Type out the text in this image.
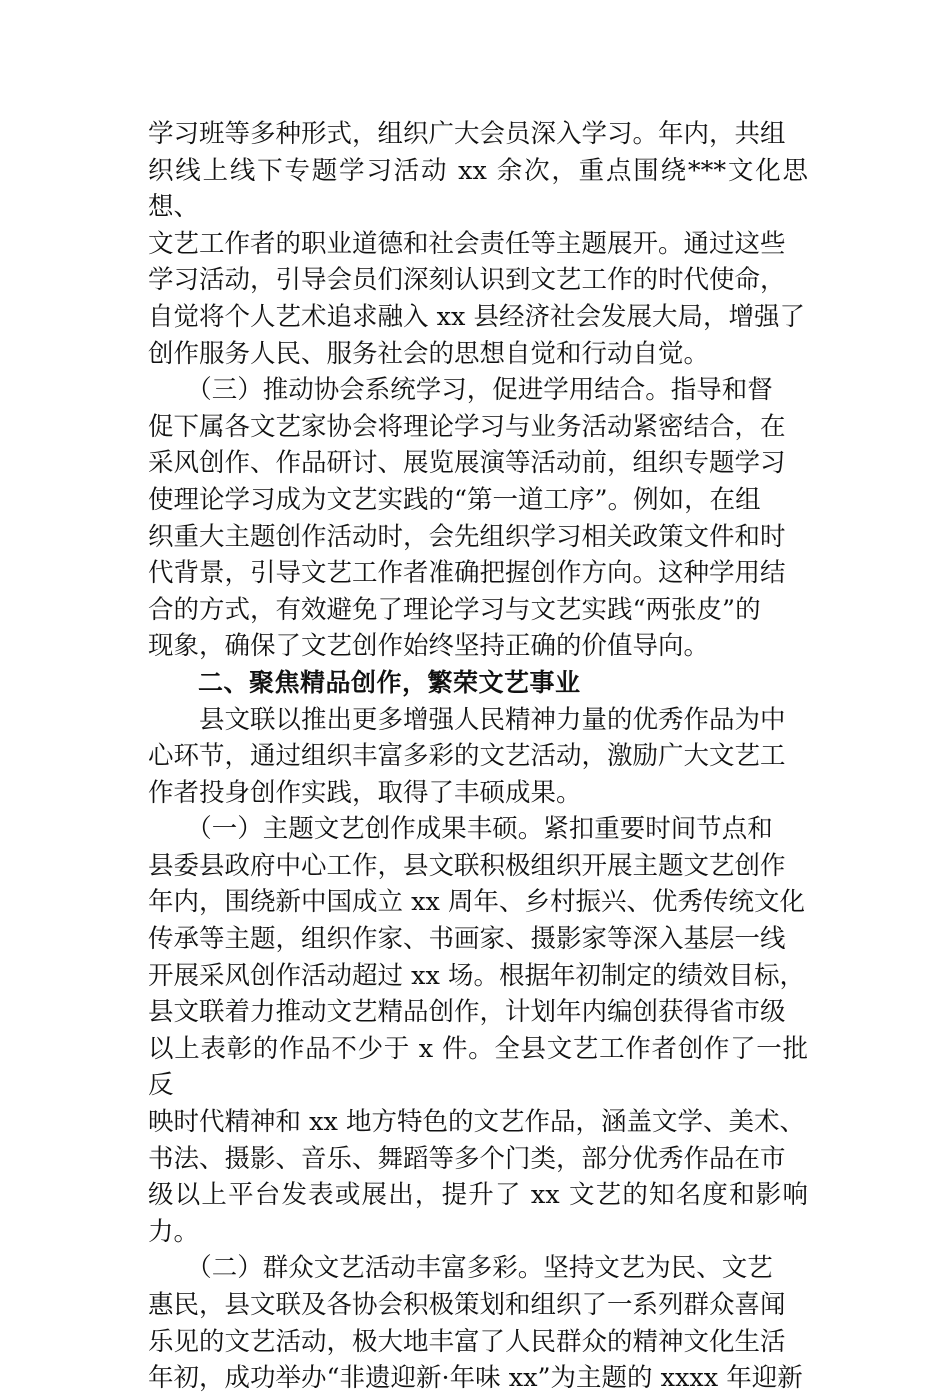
学习班等多种形式，组织广大会员深入学习。年内，共组
织线上线下专题学习活动 xx 余次，重点围绕***文化思想、
文艺工作者的职业道德和社会责任等主题展开。通过这些
学习活动，引导会员们深刻认识到文艺工作的时代使命，
自觉将个人艺术追求融入 xx 县经济社会发展大局，增强了
创作服务人民、服务社会的思想自觉和行动自觉。

　　（三）推动协会系统学习，促进学用结合。指导和督
促下属各文艺家协会将理论学习与业务活动紧密结合，在
采风创作、作品研讨、展览展演等活动前，组织专题学习
使理论学习成为文艺实践的“第一道工序”。例如，在组
织重大主题创作活动时，会先组织学习相关政策文件和时
代背景，引导文艺工作者准确把握创作方向。这种学用结
合的方式，有效避免了理论学习与文艺实践“两张皮”的
现象，确保了文艺创作始终坚持正确的价值导向。

二、聚焦精品创作，繁荣文艺事业

　　县文联以推出更多增强人民精神力量的优秀作品为中
心环节，通过组织丰富多彩的文艺活动，激励广大文艺工
作者投身创作实践，取得了丰硕成果。

　　（一）主题文艺创作成果丰硕。紧扣重要时间节点和
县委县政府中心工作，县文联积极组织开展主题文艺创作
年内，围绕新中国成立 xx 周年、乡村振兴、优秀传统文化
传承等主题，组织作家、书画家、摄影家等深入基层一线
开展采风创作活动超过 xx 场。根据年初制定的绩效目标，
县文联着力推动文艺精品创作，计划年内编创获得省市级
以上表彰的作品不少于 x 件。全县文艺工作者创作了一批反
映时代精神和 xx 地方特色的文艺作品，涵盖文学、美术、
书法、摄影、音乐、舞蹈等多个门类，部分优秀作品在市
级以上平台发表或展出，提升了 xx 文艺的知名度和影响力。

　　（二）群众文艺活动丰富多彩。坚持文艺为民、文艺
惠民，县文联及各协会积极策划和组织了一系列群众喜闻
乐见的文艺活动，极大地丰富了人民群众的精神文化生活
年初，成功举办“非遗迎新·年味 xx”为主题的 xxxx 年迎新
